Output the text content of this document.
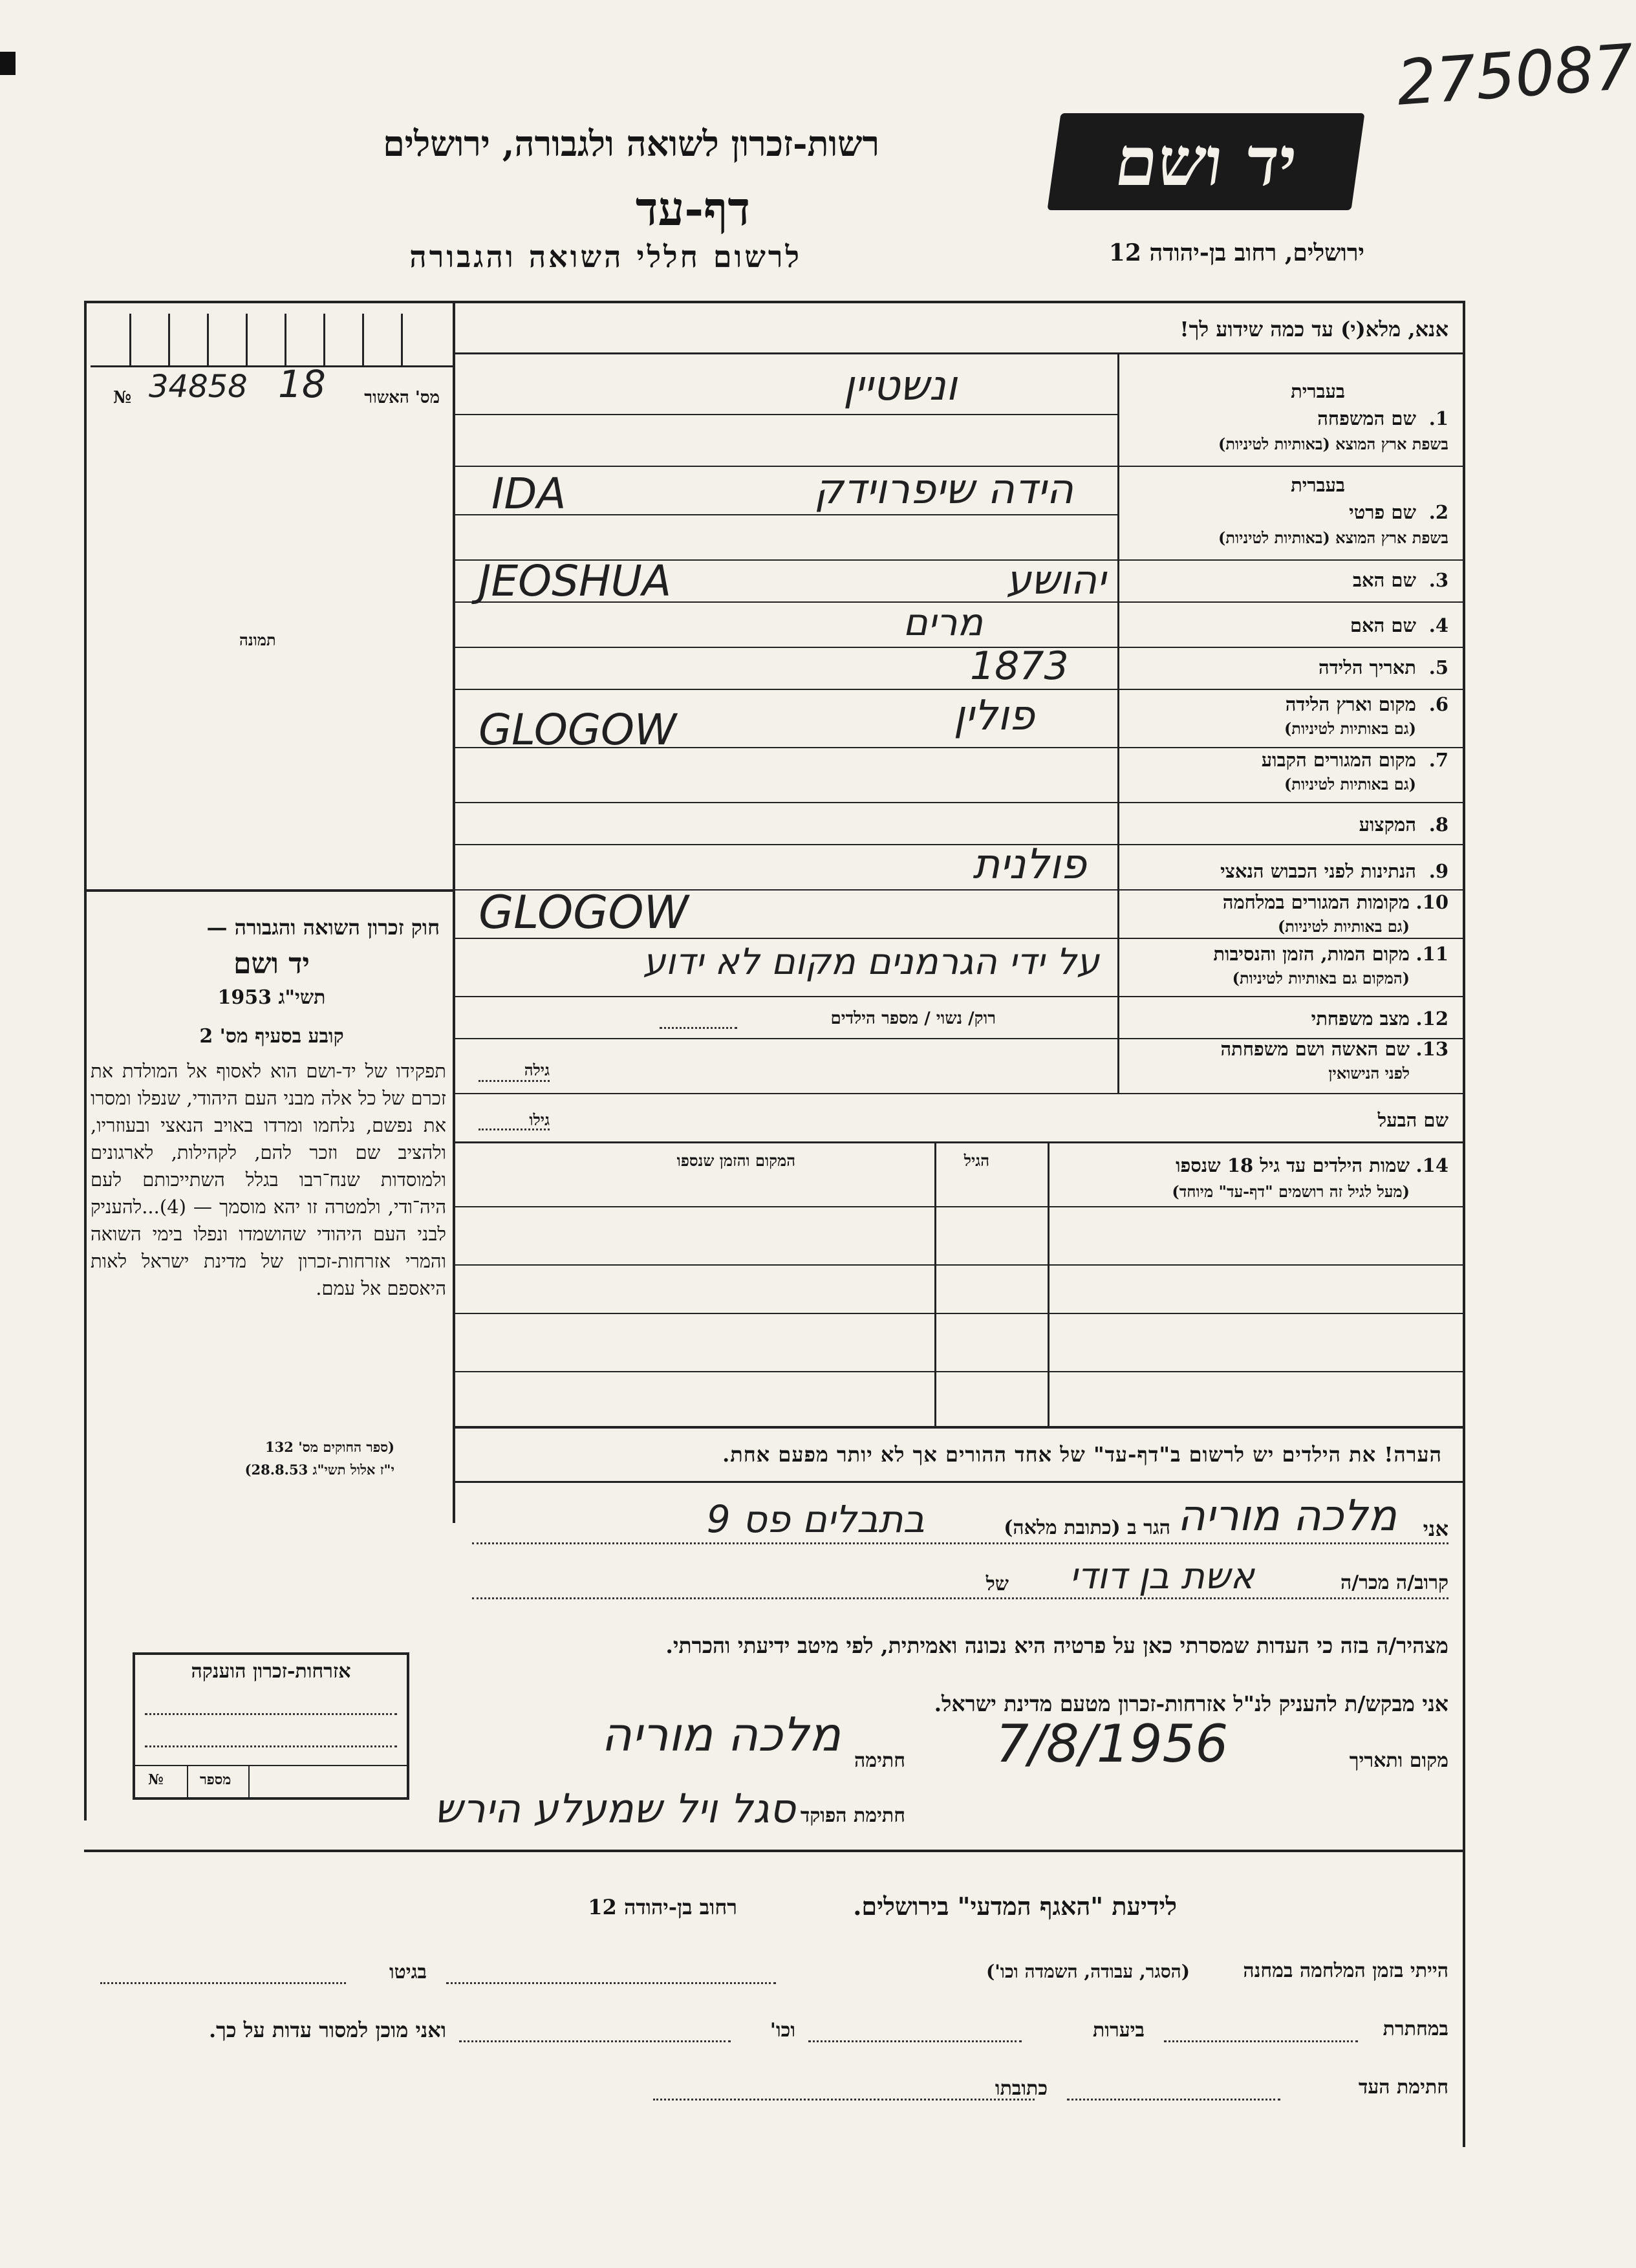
275087
רשות-זכרון לשואה ולגבורה, ירושלים
דף-עד
לרשום חללי השואה והגבורה
יד ושם
ירושלים, רחוב בן-יהודה 12
№ 34858 18 מס' האשור
תמונה
חוק זכרון השואה והגבורה —
יד ושם
תשי"ג 1953
קובע בסעיף מס' 2
תפקידו של יד-ושם הוא לאסוף אל המולדת את זכרם של כל אלה מבני העם היהודי, שנפלו ומסרו את נפשם, נלחמו ומרדו באויב הנאצי ובעוזריו, ולהציב שם וזכר להם, לקהילות, לארגונים ולמוסדות שנח־רבו בגלל השתייכותם לעם היה־ודי, ולמטרה זו יהא מוסמך — (4)...להעניק לבני העם היהודי שהושמדו ונפלו בימי השואה והמרי אזרחות-זכרון של מדינת ישראל לאות היאספם אל עמם.
(ספר החוקים מס' 132
י"ז אלול תשי"ג 28.8.53)
אנא, מלא(י) עד כמה שידוע לך!
בעברית
1.
שם המשפחה
בשפת ארץ המוצא (באותיות לטיניות)
ונשטיין
בעברית
2.
שם פרטי
בשפת ארץ המוצא (באותיות לטיניות)
הידה שיפרוידק
IDA
3.
שם האב
יהושע
JEOSHUA
4.
שם האם
מרים
5.
תאריך הלידה
1873
6.
מקום וארץ הלידה
(גם באותיות לטיניות)
פולין
GLOGOW
7.
מקום המגורים הקבוע
(גם באותיות לטיניות)
8.
המקצוע
9.
הנתינות לפני הכבוש הנאצי
פולנית
10.
מקומות המגורים במלחמה
(גם באותיות לטיניות)
GLOGOW
11.
מקום המות, הזמן והנסיבות
(המקום גם באותיות לטיניות)
על ידי הגרמנים מקום לא ידוע
12.
מצב משפחתי
רוק/ נשוי / מספר הילדים
13.
שם האשה ושם משפחתה
לפני הנישואין
גילה
שם הבעל
גילו
14.
שמות הילדים עד גיל 18 שנספו
(מעל לגיל זה רושמים "דף-עד" מיוחד)
הגיל
המקום והזמן שנספו
הערה! את הילדים יש לרשום ב"דף-עד" של אחד ההורים אך לא יותר מפעם אחת.
אני
מלכה מוריה
הגר ב (כתובת מלאה)
בתבלים פס 9
קרוב/ה מכר/ה
אשת בן דודי
של
מצהיר/ה בזה כי העדות שמסרתי כאן על פרטיה היא נכונה ואמיתית, לפי מיטב ידיעתי והכרתי.
אני מבקש/ת להעניק לנ"ל אזרחות-זכרון מטעם מדינת ישראל.
מקום ותאריך
7/8/1956
חתימה
מלכה מוריה
חתימת הפוקד
סגל ויל שמעלע הירש
אזרחות-זכרון הוענקה
№	מספר
לידיעת "האגף המדעי" בירושלים.
רחוב בן-יהודה 12
הייתי בזמן המלחמה במחנה
(הסגר, עבודה, השמדה וכו')
בגיטו
במחתרת
ביערות
וכו'
ואני מוכן למסור עדות על כך.
חתימת העד
כתובתו
